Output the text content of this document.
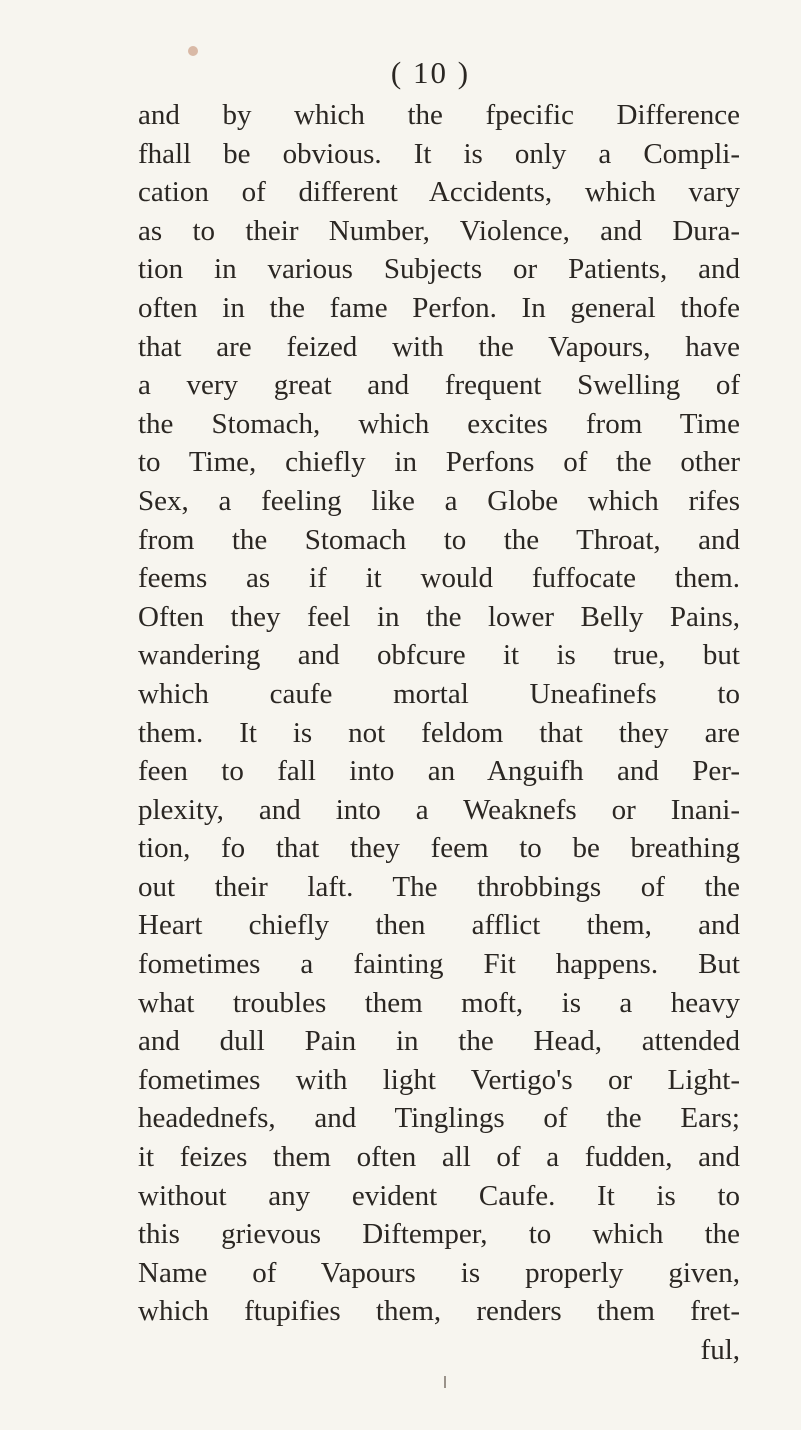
( 10 )
and by which the fpecific Difference
fhall be obvious. It is only a Compli-
cation of different Accidents, which vary
as to their Number, Violence, and Dura-
tion in various Subjects or Patients, and
often in the fame Perfon. In general thofe
that are feized with the Vapours, have
a very great and frequent Swelling of
the Stomach, which excites from Time
to Time, chiefly in Perfons of the other
Sex, a feeling like a Globe which rifes
from the Stomach to the Throat, and
feems as if it would fuffocate them.
Often they feel in the lower Belly Pains,
wandering and obfcure it is true, but
which caufe mortal Uneafinefs to
them. It is not feldom that they are
feen to fall into an Anguifh and Per-
plexity, and into a Weaknefs or Inani-
tion, fo that they feem to be breathing
out their laft. The throbbings of the
Heart chiefly then afflict them, and
fometimes a fainting Fit happens. But
what troubles them moft, is a heavy
and dull Pain in the Head, attended
fometimes with light Vertigo's or Light-
headednefs, and Tinglings of the Ears;
it feizes them often all of a fudden, and
without any evident Caufe. It is to
this grievous Diftemper, to which the
Name of Vapours is properly given,
which ftupifies them, renders them fret-
ful,
